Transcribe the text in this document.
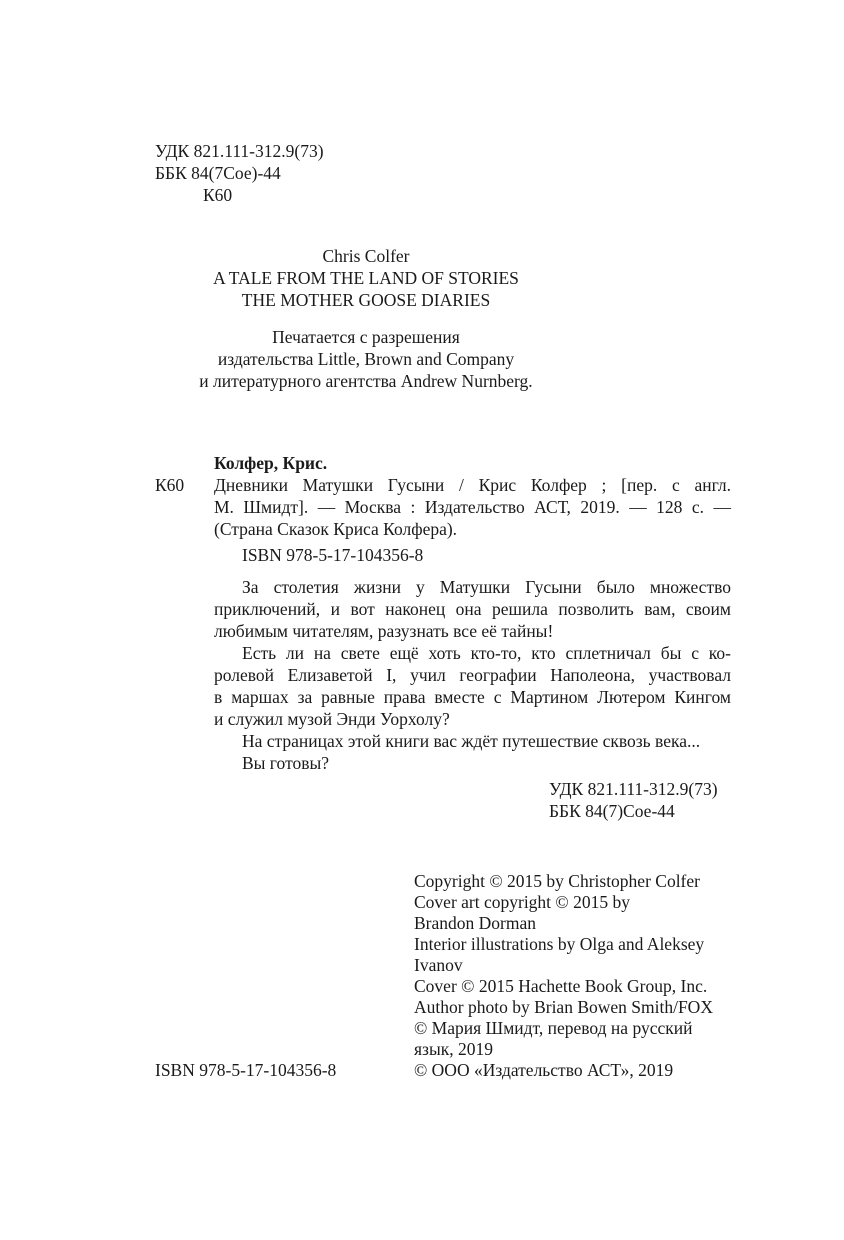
УДК 821.111-312.9(73)
ББК 84(7Сое)-44
К60
Chris Colfer
A TALE FROM THE LAND OF STORIES
THE MOTHER GOOSE DIARIES
Печатается с разрешения
издательства Little, Brown and Company
и литературного агентства Andrew Nurnberg.
Колфер, Крис.
К60 Дневники Матушки Гусыни / Крис Колфер ; [пер. с англ.
М. Шмидт]. — Москва : Издательство АСТ, 2019. — 128 с. —
(Страна Сказок Криса Колфера).
ISBN 978-5-17-104356-8
За столетия жизни у Матушки Гусыни было множество
приключений, и вот наконец она решила позволить вам, своим
любимым читателям, разузнать все её тайны!
Есть ли на свете ещё хоть кто-то, кто сплетничал бы с ко-
ролевой Елизаветой I, учил географии Наполеона, участвовал
в маршах за равные права вместе с Мартином Лютером Кингом
и служил музой Энди Уорхолу?
На страницах этой книги вас ждёт путешествие сквозь века...
Вы готовы?
УДК 821.111-312.9(73)
ББК 84(7)Сое-44
Copyright © 2015 by Christopher Colfer
Cover art copyright © 2015 by
Brandon Dorman
Interior illustrations by Olga and Aleksey
Ivanov
Cover © 2015 Hachette Book Group, Inc.
Author photo by Brian Bowen Smith/FOX
© Мария Шмидт, перевод на русский
язык, 2019
© ООО «Издательство АСТ», 2019
ISBN 978-5-17-104356-8
